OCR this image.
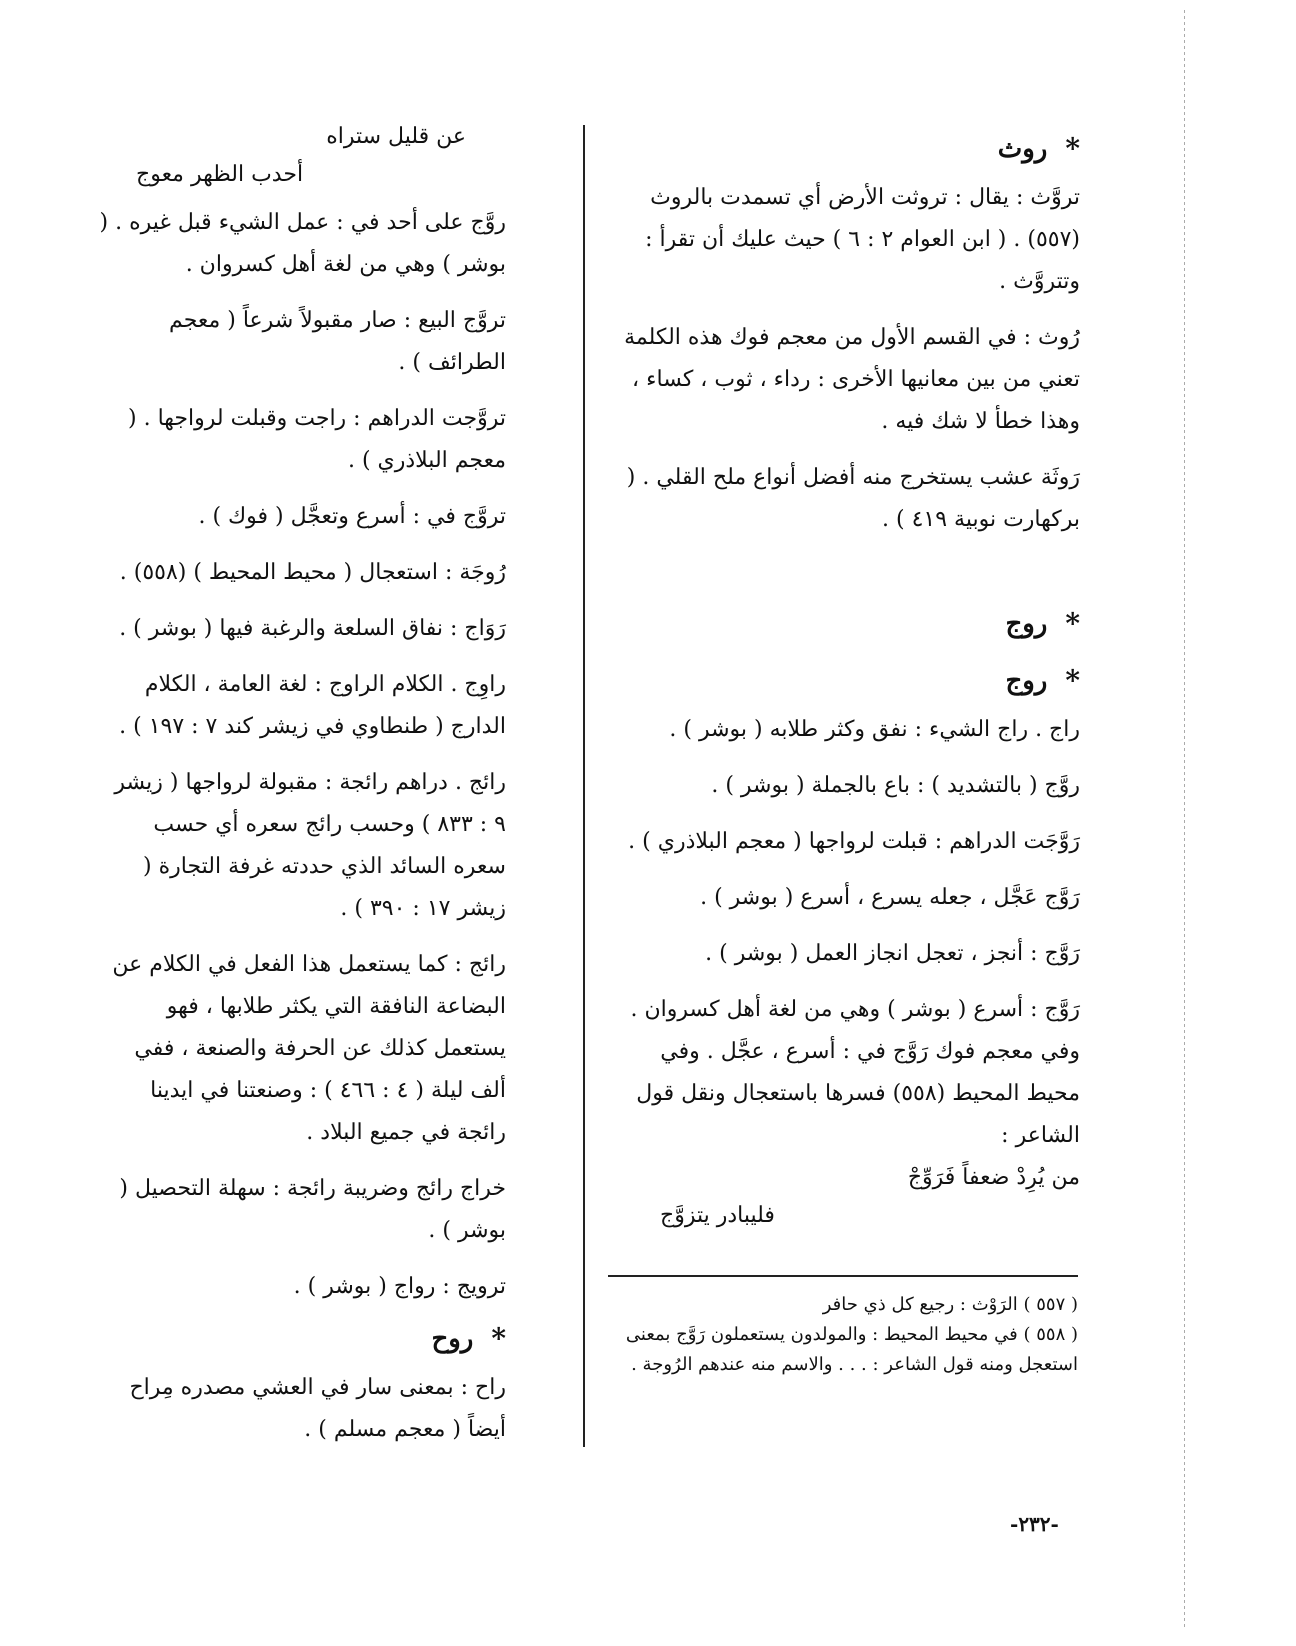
*
روث

تروَّث : يقال : تروثت الأرض أي تسمدت بالروث (٥٥٧) . ( ابن العوام ٢ : ٦ ) حيث عليك أن تقرأ : وتتروَّث .

رُوث : في القسم الأول من معجم فوك هذه الكلمة تعني من بين معانيها الأخرى : رداء ، ثوب ، كساء ، وهذا خطأ لا شك فيه .

رَوثَة عشب يستخرج منه أفضل أنواع ملح القلي . ( بركهارت نوبية ٤١٩ ) .

*
روج
*
روج

راج . راج الشيء : نفق وكثر طلابه ( بوشر ) .

روَّج ( بالتشديد ) : باع بالجملة ( بوشر ) .

رَوَّجَت الدراهم : قبلت لرواجها ( معجم البلاذري ) .

رَوَّج عَجَّل ، جعله يسرع ، أسرع ( بوشر ) .

رَوَّج : أنجز ، تعجل انجاز العمل ( بوشر ) .

رَوَّج : أسرع ( بوشر ) وهي من لغة أهل كسروان . وفي معجم فوك رَوَّج في : أسرع ، عجَّل . وفي محيط المحيط (٥٥٨) فسرها باستعجال ونقل قول الشاعر :

من يُرِدْ ضعفاً فَرَوِّجْ
فليبادر يتزوَّج
عن قليل ستراه
أحدب الظهر معوج

روَّج على أحد في : عمل الشيء قبل غيره . ( بوشر ) وهي من لغة أهل كسروان .

تروَّج البيع : صار مقبولاً شرعاً ( معجم الطرائف ) .

تروَّجت الدراهم : راجت وقبلت لرواجها . ( معجم البلاذري ) .

تروَّج في : أسرع وتعجَّل ( فوك ) .

رُوجَة : استعجال ( محيط المحيط ) (٥٥٨) .

رَوَاج : نفاق السلعة والرغبة فيها ( بوشر ) .

راوِج . الكلام الراوج : لغة العامة ، الكلام الدارج ( طنطاوي في زيشر كند ٧ : ١٩٧ ) .

رائج . دراهم رائجة : مقبولة لرواجها ( زيشر ٩ : ٨٣٣ ) وحسب رائج سعره أي حسب سعره السائد الذي حددته غرفة التجارة ( زيشر ١٧ : ٣٩٠ ) .

رائج : كما يستعمل هذا الفعل في الكلام عن البضاعة النافقة التي يكثر طلابها ، فهو يستعمل كذلك عن الحرفة والصنعة ، ففي ألف ليلة ( ٤ : ٤٦٦ ) : وصنعتنا في ايدينا رائجة في جميع البلاد .

خراج رائج وضريبة رائجة : سهلة التحصيل ( بوشر ) .

ترويج : رواج ( بوشر ) .

*
روح

راح : بمعنى سار في العشي مصدره مِراح أيضاً ( معجم مسلم ) .

( ٥٥٧ ) الرَوْث : رجيع كل ذي حافر

( ٥٥٨ ) في محيط المحيط : والمولدون يستعملون رَوَّج بمعنى استعجل ومنه قول الشاعر : . . . والاسم منه عندهم الرُوجة .

-٢٣٢-
